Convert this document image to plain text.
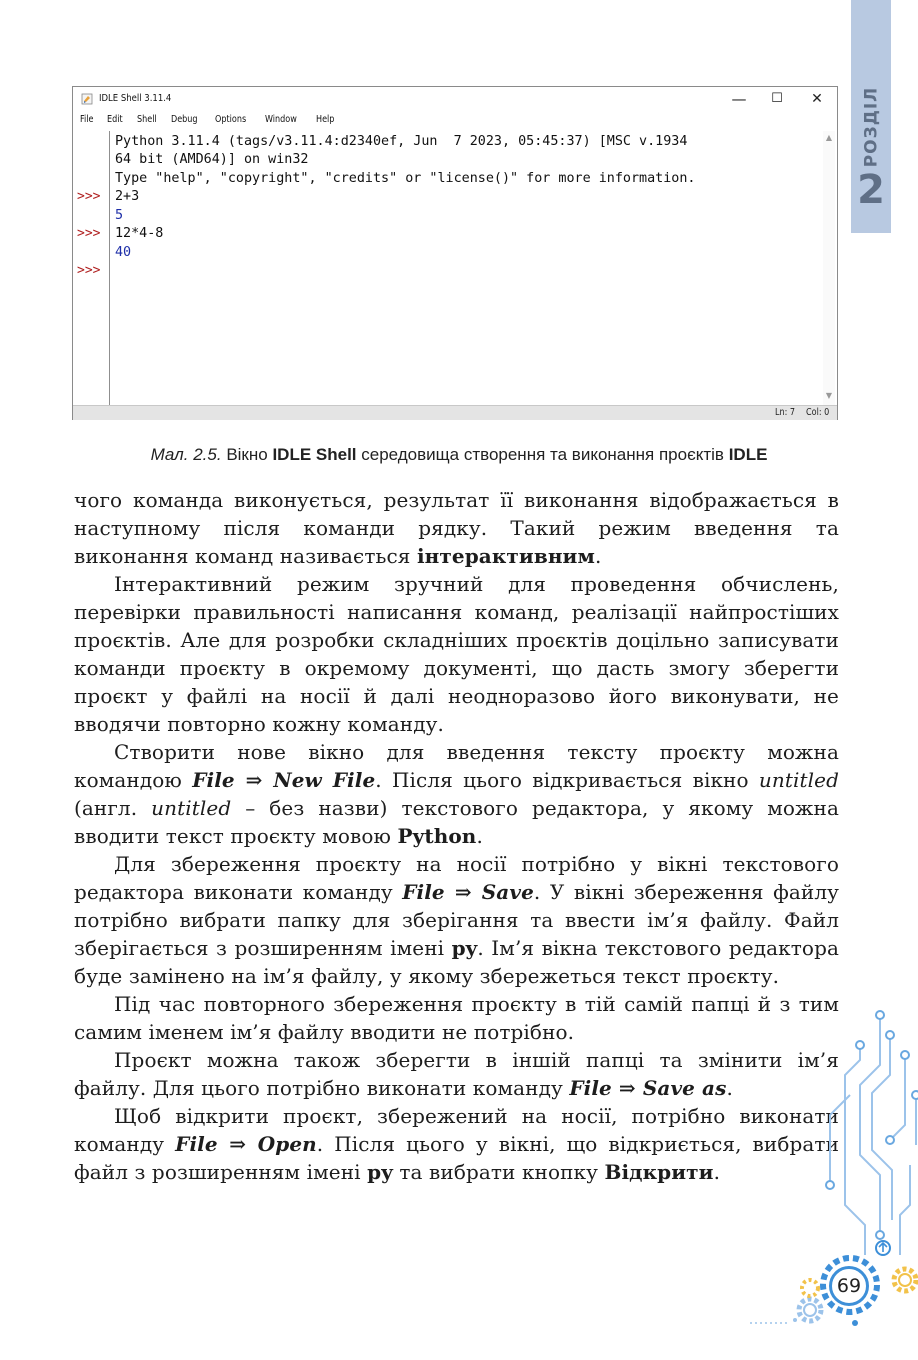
РОЗДІЛ
2
IDLE Shell 3.11.4	—	☐	✕
File Edit Shell Debug Options Window Help
>>>
>>>
>>>
Python 3.11.4 (tags/v3.11.4:d2340ef, Jun  7 2023, 05:45:37) [MSC v.1934
64 bit (AMD64)] on win32
Type "help", "copyright", "credits" or "license()" for more information.
2+3
5
12*4-8
40
▲
▼
Ln: 7 Col: 0
Мал. 2.5. Вікно IDLE Shell середовища створення та виконання проєктів IDLE

чого команда виконується, результат її виконання відображається в наступному після команди рядку. Такий режим введення та виконання команд називається інтерактивним.

Інтерактивний режим зручний для проведення обчислень, перевірки правильності написання команд, реалізації найпростіших проєктів. Але для розробки складніших проєктів доцільно записувати команди проєкту в окремому документі, що дасть змогу зберегти проєкт у файлі на носії й далі неодноразово його виконувати, не вводячи повторно кожну команду.

Створити нове вікно для введення тексту проєкту можна командою File ⇒ New File. Після цього відкривається вікно untitled (англ. untitled – без назви) текстового редактора, у якому можна вводити текст проєкту мовою Python.

Для збереження проєкту на носії потрібно у вікні текстового редактора виконати команду File ⇒ Save. У вікні збереження файлу потрібно вибрати папку для зберігання та ввести ім’я файлу. Файл зберігається з розширенням імені py. Ім’я вікна текстового редактора буде замінено на ім’я файлу, у якому збережеться текст проєкту.

Під час повторного збереження проєкту в тій самій папці й з тим самим іменем ім’я файлу вводити не потрібно.

Проєкт можна також зберегти в іншій папці та змінити ім’я файлу. Для цього потрібно виконати команду File ⇒ Save as.

Щоб відкрити проєкт, збережений на носії, потрібно виконати команду File ⇒ Open. Після цього у вікні, що відкриється, вибрати файл з розширенням імені py та вибрати кнопку Відкрити.

69
